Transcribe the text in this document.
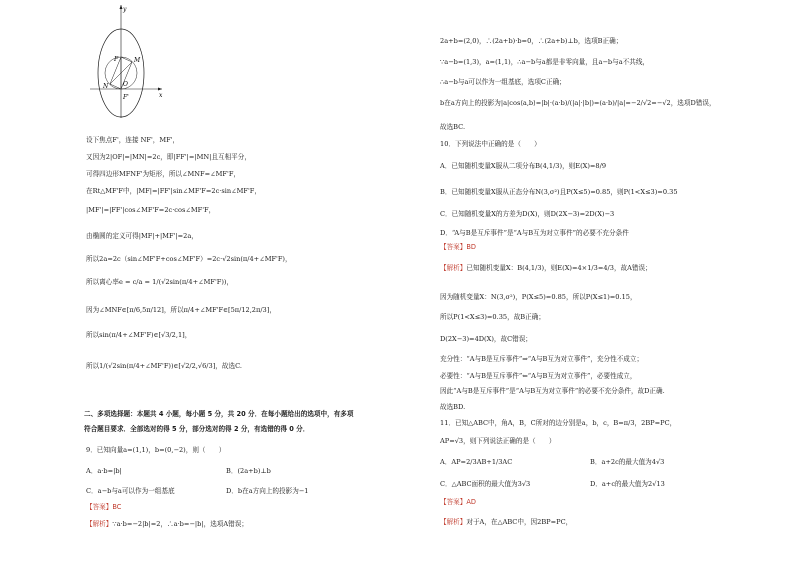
y
x
F	M
O
N
F'
设下焦点F'，连接 NF'，MF'，
又因为2|OF|=|MN|=2c，即|FF'|=|MN|且互相平分，
可得四边形MFNF'为矩形，所以∠MNF=∠MF'F，
在Rt△MF'F中，|MF|=|FF'|sin∠MF'F=2c·sin∠MF'F，
|MF'|=|FF'|cos∠MF'F=2c·cos∠MF'F，
由椭圆的定义可得|MF|+|MF'|=2a，
所以2a=2c（sin∠MF'F+cos∠MF'F）=2c·√2sin(π/4+∠MF'F)，
所以离心率e = c/a = 1/(√2sin(π/4+∠MF'F))，
因为∠MNF∈[π/6,5π/12]，所以π/4+∠MF'F∈[5π/12,2π/3]，
所以sin(π/4+∠MF'F)∈[√3/2,1]，
所以1/(√2sin(π/4+∠MF'F))∈[√2/2,√6/3]，故选C.
二、多项选择题：本题共 4 小题，每小题 5 分，共 20 分．在每小题给出的选项中，有多项
符合题目要求．全部选对的得 5 分，部分选对的得 2 分，有选错的得 0 分．
9．已知向量a=(1,1)，b=(0,−2)，则（　　）
A．a·b=|b|	B．(2a+b)⊥b
C．a−b与a可以作为一组基底	D．b在a方向上的投影为−1
【答案】BC
【解析】∵a·b=−2|b|=2，∴a·b=−|b|，选项A错误；
2a+b=(2,0)，∴(2a+b)·b=0，∴(2a+b)⊥b，选项B正确；
∵a−b=(1,3)，a=(1,1)，∴a−b与a都是非零向量，且a−b与a不共线，
∴a−b与a可以作为一组基底，选项C正确；
b在a方向上的投影为|a|cos⟨a,b⟩=|b|·(a·b)/(|a|·|b|)=(a·b)/|a|=−2/√2=−√2，选项D错误，
故选BC.
10．下列说法中正确的是（　　）
A．已知随机变量X服从二项分布B(4,1/3)，则E(X)=8/9
B．已知随机变量X服从正态分布N(3,σ²)且P(X≤5)=0.85，则P(1<X≤3)=0.35
C．已知随机变量X的方差为D(X)，则D(2X−3)=2D(X)−3
D．“A与B是互斥事件”是“A与B互为对立事件”的必要不充分条件
【答案】BD
【解析】已知随机变量X：B(4,1/3)，则E(X)=4×1/3=4/3，故A错误；
因为随机变量X：N(3,σ²)，P(X≤5)=0.85，所以P(X≤1)=0.15，
所以P(1<X≤3)=0.35，故B正确；
D(2X−3)=4D(X)，故C错误；
充分性：“A与B是互斥事件”⇒“A与B互为对立事件”，充分性不成立；
必要性：“A与B是互斥事件”⇐“A与B互为对立事件”，必要性成立，
因此“A与B是互斥事件”是“A与B互为对立事件”的必要不充分条件，故D正确.
故选BD.
11．已知△ABC中，角A，B，C所对的边分别是a，b，c，B=π/3，2BP=PC，
AP=√3，则下列说法正确的是（　　）
A．AP=2/3AB+1/3AC	B．a+2c的最大值为4√3
C．△ABC面积的最大值为3√3	D．a+c的最大值为2√13
【答案】AD
【解析】对于A，在△ABC中，因2BP=PC，
